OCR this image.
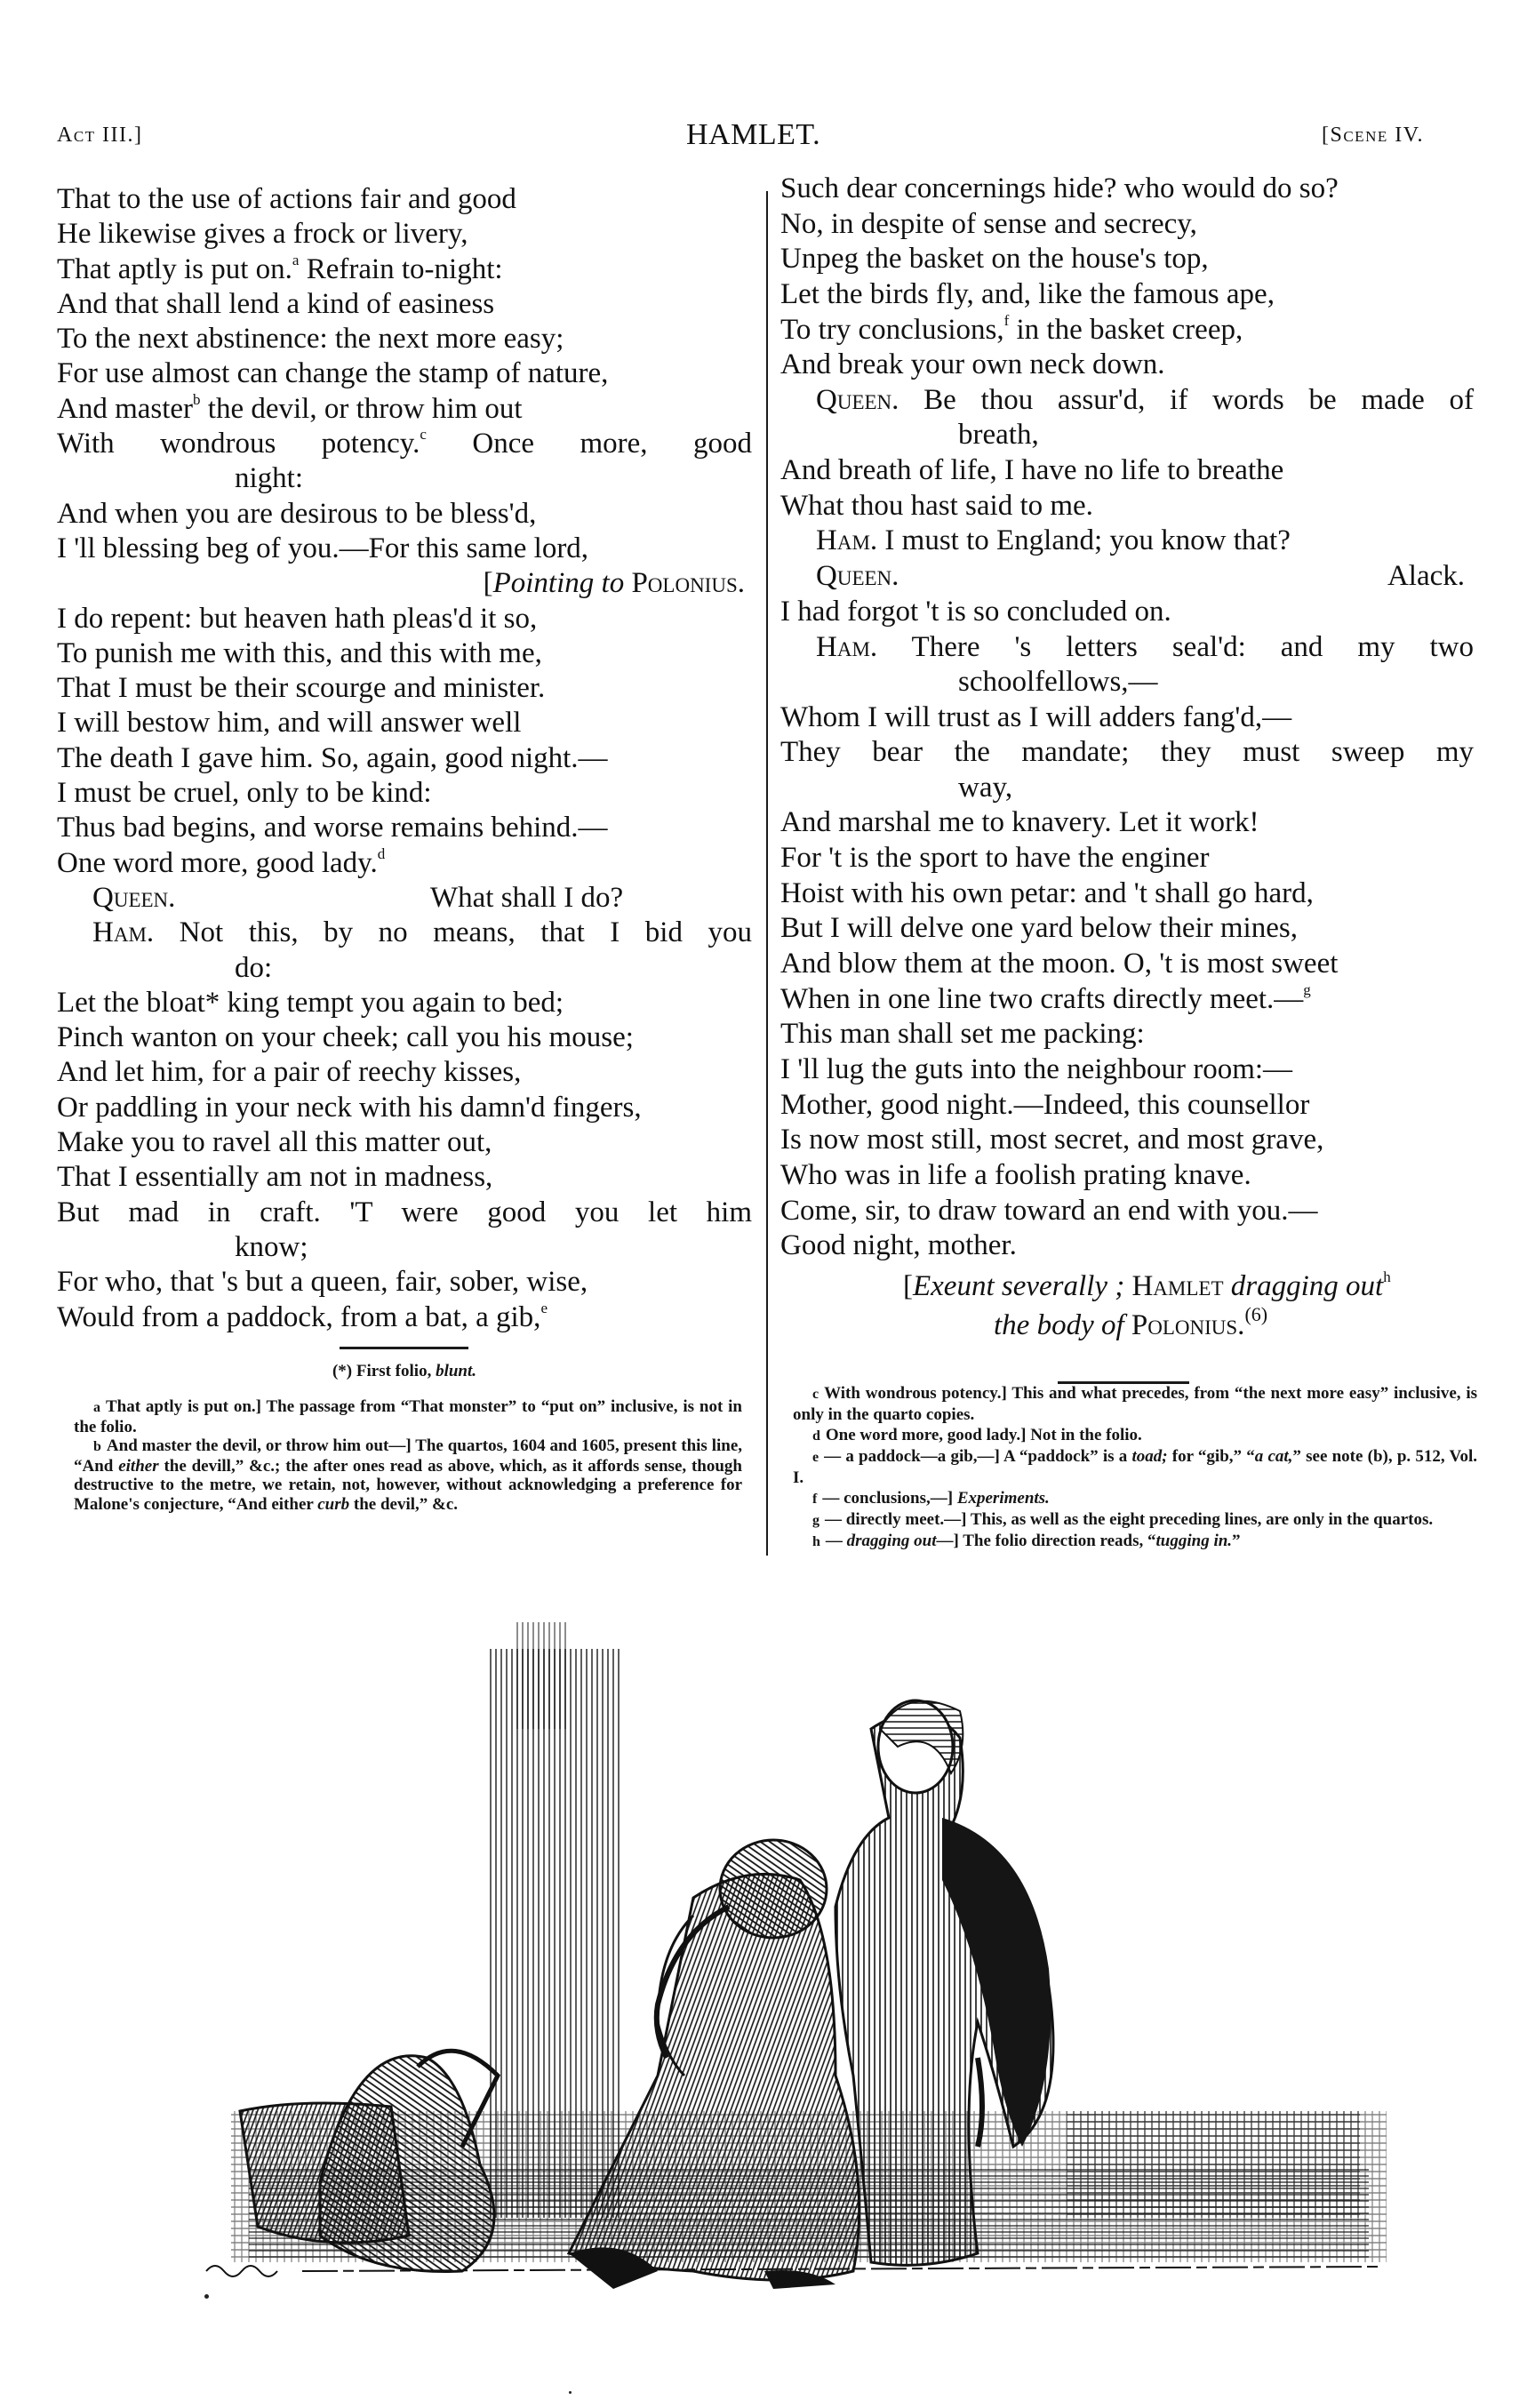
Act III.]	HAMLET.	[Scene IV.
That to the use of actions fair and good
He likewise gives a frock or livery,
That aptly is put on.$^a$ Refrain to-night:
And that shall lend a kind of easiness
To the next abstinence: the next more easy;
For use almost can change the stamp of nature,
And master$^b$ the devil, or throw him out
With wondrous potency.$^c$ Once more, good
night:
And when you are desirous to be bless'd,
I 'll blessing beg of you.—For this same lord,
[Pointing to Polonius.
I do repent: but heaven hath pleas'd it so,
To punish me with this, and this with me,
That I must be their scourge and minister.
I will bestow him, and will answer well
The death I gave him. So, again, good night.—
I must be cruel, only to be kind:
Thus bad begins, and worse remains behind.—
One word more, good lady.$^d$
Queen.	What shall I do?
Ham. Not this, by no means, that I bid you
do:
Let the bloat* king tempt you again to bed;
Pinch wanton on your cheek; call you his mouse;
And let him, for a pair of reechy kisses,
Or paddling in your neck with his damn'd fingers,
Make you to ravel all this matter out,
That I essentially am not in madness,
But mad in craft. 'T were good you let him
know;
For who, that 's but a queen, fair, sober, wise,
Would from a paddock, from a bat, a gib,$^e$
Such dear concernings hide? who would do so?
No, in despite of sense and secrecy,
Unpeg the basket on the house's top,
Let the birds fly, and, like the famous ape,
To try conclusions,$^f$ in the basket creep,
And break your own neck down.
Queen. Be thou assur'd, if words be made of
breath,
And breath of life, I have no life to breathe
What thou hast said to me.
Ham. I must to England; you know that?
Queen.	Alack.
I had forgot 't is so concluded on.
Ham. There 's letters seal'd: and my two
schoolfellows,—
Whom I will trust as I will adders fang'd,—
They bear the mandate; they must sweep my
way,
And marshal me to knavery. Let it work!
For 't is the sport to have the enginer
Hoist with his own petar: and 't shall go hard,
But I will delve one yard below their mines,
And blow them at the moon. O, 't is most sweet
When in one line two crafts directly meet.—$^g$
This man shall set me packing:
I 'll lug the guts into the neighbour room:—
Mother, good night.—Indeed, this counsellor
Is now most still, most secret, and most grave,
Who was in life a foolish prating knave.
Come, sir, to draw toward an end with you.—
Good night, mother.
[Exeunt severally ; Hamlet dragging out$^h$
the body of Polonius.$^{(6)}$
(*) First folio, blunt.

a That aptly is put on.] The passage from “That monster” to “put on” inclusive, is not in the folio.

b And master the devil, or throw him out—] The quartos, 1604 and 1605, present this line, “And either the devill,” &c.; the after ones read as above, which, as it affords sense, though destructive to the metre, we retain, not, however, without acknowledging a preference for Malone's conjecture, “And either curb the devil,” &c.

c With wondrous potency.] This and what precedes, from “the next more easy” inclusive, is only in the quarto copies.

d One word more, good lady.] Not in the folio.

e — a paddock—a gib,—] A “paddock” is a toad; for “gib,” “a cat,” see note (b), p. 512, Vol. I.

f — conclusions,—] Experiments.

g — directly meet.—] This, as well as the eight preceding lines, are only in the quartos.

h — dragging out—] The folio direction reads, “tugging in.”
